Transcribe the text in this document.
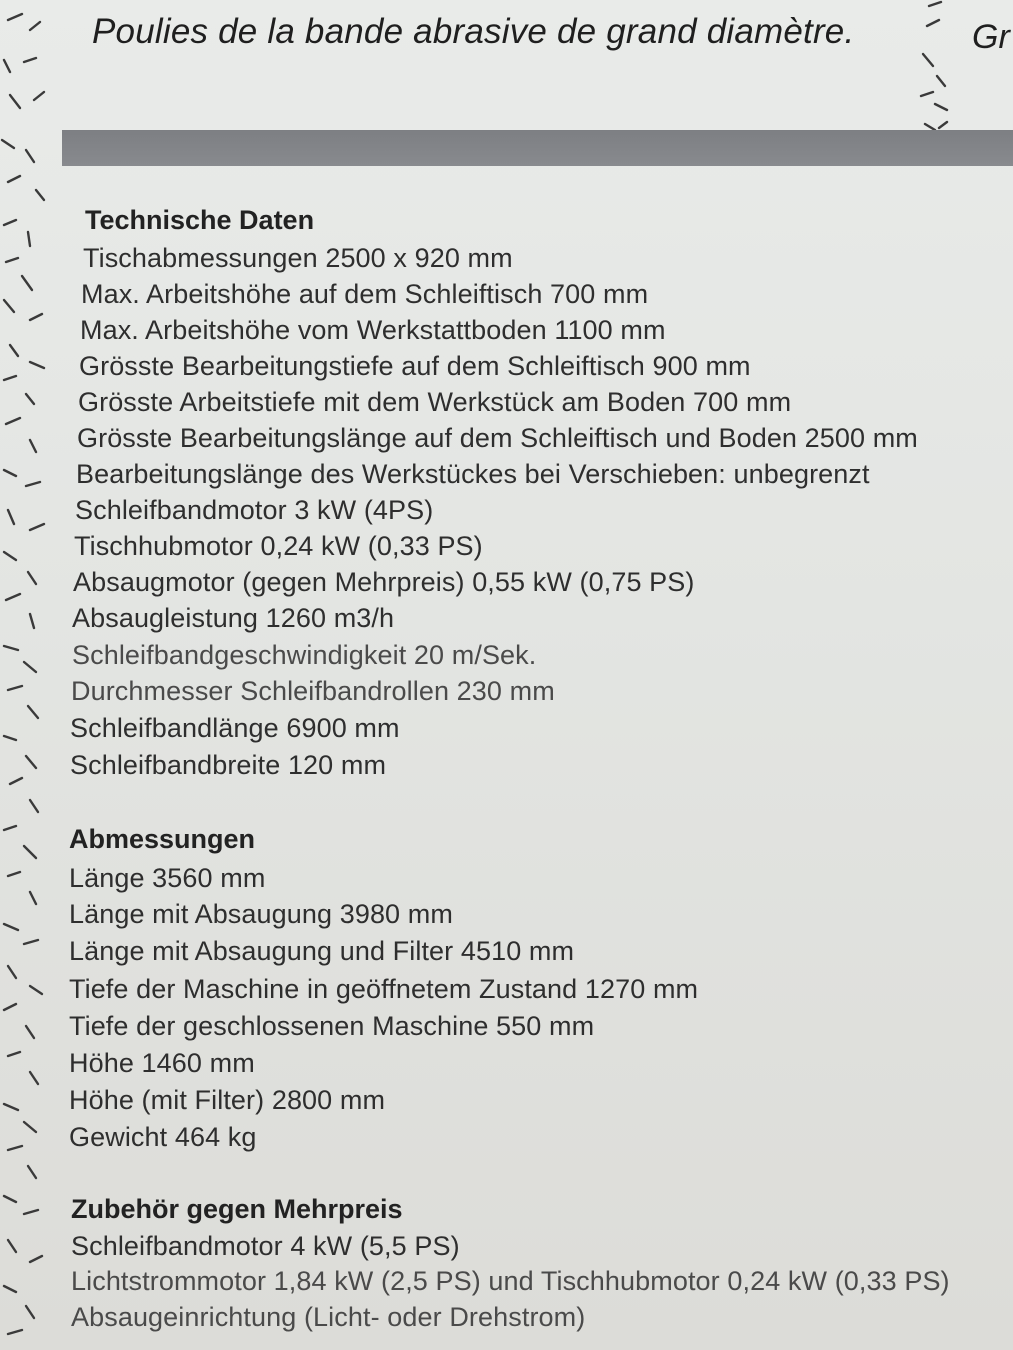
Poulies de la bande abrasive de grand diamètre.	Gr
Technische Daten
Tischabmessungen 2500 x 920 mm
Max. Arbeitshöhe auf dem Schleiftisch 700 mm
Max. Arbeitshöhe vom Werkstattboden 1100 mm
Grösste Bearbeitungstiefe auf dem Schleiftisch 900 mm
Grösste Arbeitstiefe mit dem Werkstück am Boden 700 mm
Grösste Bearbeitungslänge auf dem Schleiftisch und Boden 2500 mm
Bearbeitungslänge des Werkstückes bei Verschieben: unbegrenzt
Schleifbandmotor 3 kW (4PS)
Tischhubmotor 0,24 kW (0,33 PS)
Absaugmotor (gegen Mehrpreis) 0,55 kW (0,75 PS)
Absaugleistung 1260 m3/h
Schleifbandgeschwindigkeit 20 m/Sek.
Durchmesser Schleifbandrollen 230 mm
Schleifbandlänge 6900 mm
Schleifbandbreite 120 mm
Abmessungen
Länge 3560 mm
Länge mit Absaugung 3980 mm
Länge mit Absaugung und Filter 4510 mm
Tiefe der Maschine in geöffnetem Zustand 1270 mm
Tiefe der geschlossenen Maschine 550 mm
Höhe 1460 mm
Höhe (mit Filter) 2800 mm
Gewicht 464 kg
Zubehör gegen Mehrpreis
Schleifbandmotor 4 kW (5,5 PS)
Lichtstrommotor 1,84 kW (2,5 PS) und Tischhubmotor 0,24 kW (0,33 PS)
Absaugeinrichtung (Licht- oder Drehstrom)
